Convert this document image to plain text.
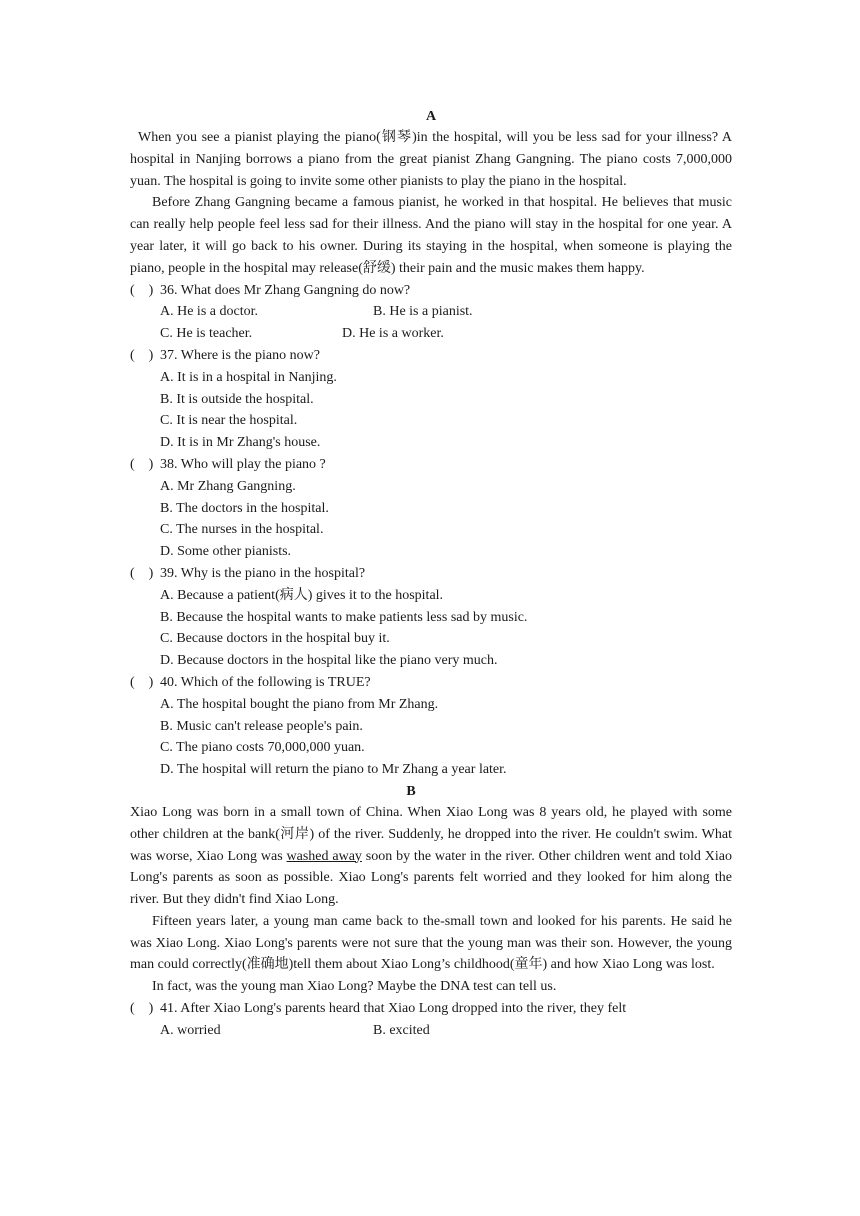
A

When you see a pianist playing the piano(钢琴)in the hospital, will you be less sad for your illness? A hospital in Nanjing borrows a piano from the great pianist Zhang Gangning. The piano costs 7,000,000 yuan. The hospital is going to invite some other pianists to play the piano in the hospital.

Before Zhang Gangning became a famous pianist, he worked in that hospital. He believes that music can really help people feel less sad for their illness. And the piano will stay in the hospital for one year. A year later, it will go back to his owner. During its staying in the hospital, when someone is playing the piano, people in the hospital may release(舒缓) their pain and the music makes them happy.

( ) 36. What does Mr Zhang Gangning do now?
A. He is a doctor.	B. He is a pianist.
C. He is teacher.	D. He is a worker.
( ) 37. Where is the piano now?
A. It is in a hospital in Nanjing.
B. It is outside the hospital.
C. It is near the hospital.
D. It is in Mr Zhang's house.
( ) 38. Who will play the piano ?
A. Mr Zhang Gangning.
B. The doctors in the hospital.
C. The nurses in the hospital.
D. Some other pianists.
( ) 39. Why is the piano in the hospital?
A. Because a patient(病人) gives it to the hospital.
B. Because the hospital wants to make patients less sad by music.
C. Because doctors in the hospital buy it.
D. Because doctors in the hospital like the piano very much.
( ) 40. Which of the following is TRUE?
A. The hospital bought the piano from Mr Zhang.
B. Music can't release people's pain.
C. The piano costs 70,000,000 yuan.
D. The hospital will return the piano to Mr Zhang a year later.
B

Xiao Long was born in a small town of China. When Xiao Long was 8 years old, he played with some other children at the bank(河岸) of the river. Suddenly, he dropped into the river. He couldn't swim. What was worse, Xiao Long was washed away soon by the water in the river. Other children went and told Xiao Long's parents as soon as possible. Xiao Long's parents felt worried and they looked for him along the river. But they didn't find Xiao Long.

Fifteen years later, a young man came back to the-small town and looked for his parents. He said he was Xiao Long. Xiao Long's parents were not sure that the young man was their son. However, the young man could correctly(准确地)tell them about Xiao Long’s childhood(童年) and how Xiao Long was lost.

In fact, was the young man Xiao Long? Maybe the DNA test can tell us.

( ) 41. After Xiao Long's parents heard that Xiao Long dropped into the river, they felt
A. worried	B. excited
